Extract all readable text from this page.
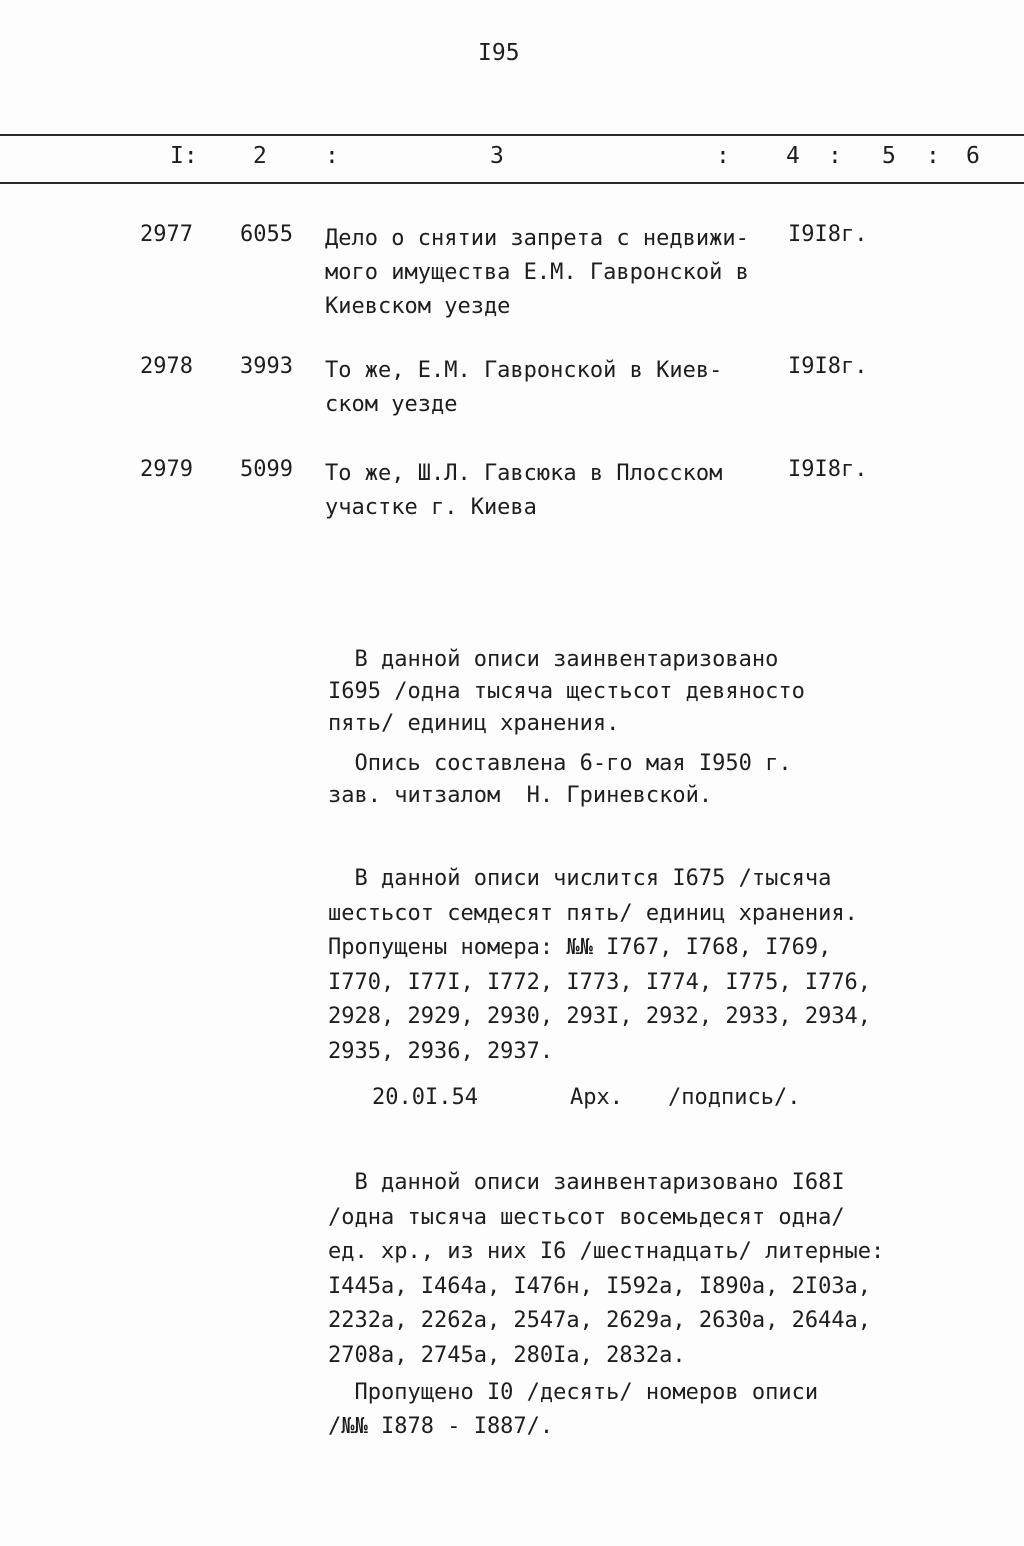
I95
I: 2	:	3	: 4 : 5 : 6
2977 6055 Дело о снятии запрета с недвижи-
мого имущества Е.М. Гавронской в
Киевском уезде
I9I8г.
2978 3993 То же, Е.М. Гавронской в Киев-
ском уезде
I9I8г.
2979 5099 То же, Ш.Л. Гавсюка в Плосском
участке г. Киева
I9I8г.

В данной описи заинвентаризовано

I695 /одна тысяча щестьсот девяносто

пять/ единиц хранения.

Опись составлена 6-го мая I950 г.

зав. читзалом  Н. Гриневской.

В данной описи числится I675 /тысяча

шестьсот семдесят пять/ единиц хранения.

Пропущены номера: №№ I767, I768, I769,

I770, I77I, I772, I773, I774, I775, I776,

2928, 2929, 2930, 293I, 2932, 2933, 2934,

2935, 2936, 2937.

20.0I.54	Арх. /подпись/.

В данной описи заинвентаризовано I68I

/одна тысяча шестьсот восемьдесят одна/

ед. хр., из них I6 /шестнадцать/ литерные:

I445а, I464а, I476н, I592а, I890а, 2I03а,

2232а, 2262а, 2547а, 2629а, 2630а, 2644а,

2708а, 2745а, 280Iа, 2832а.

Пропущено I0 /десять/ номеров описи

/№№ I878 - I887/.
